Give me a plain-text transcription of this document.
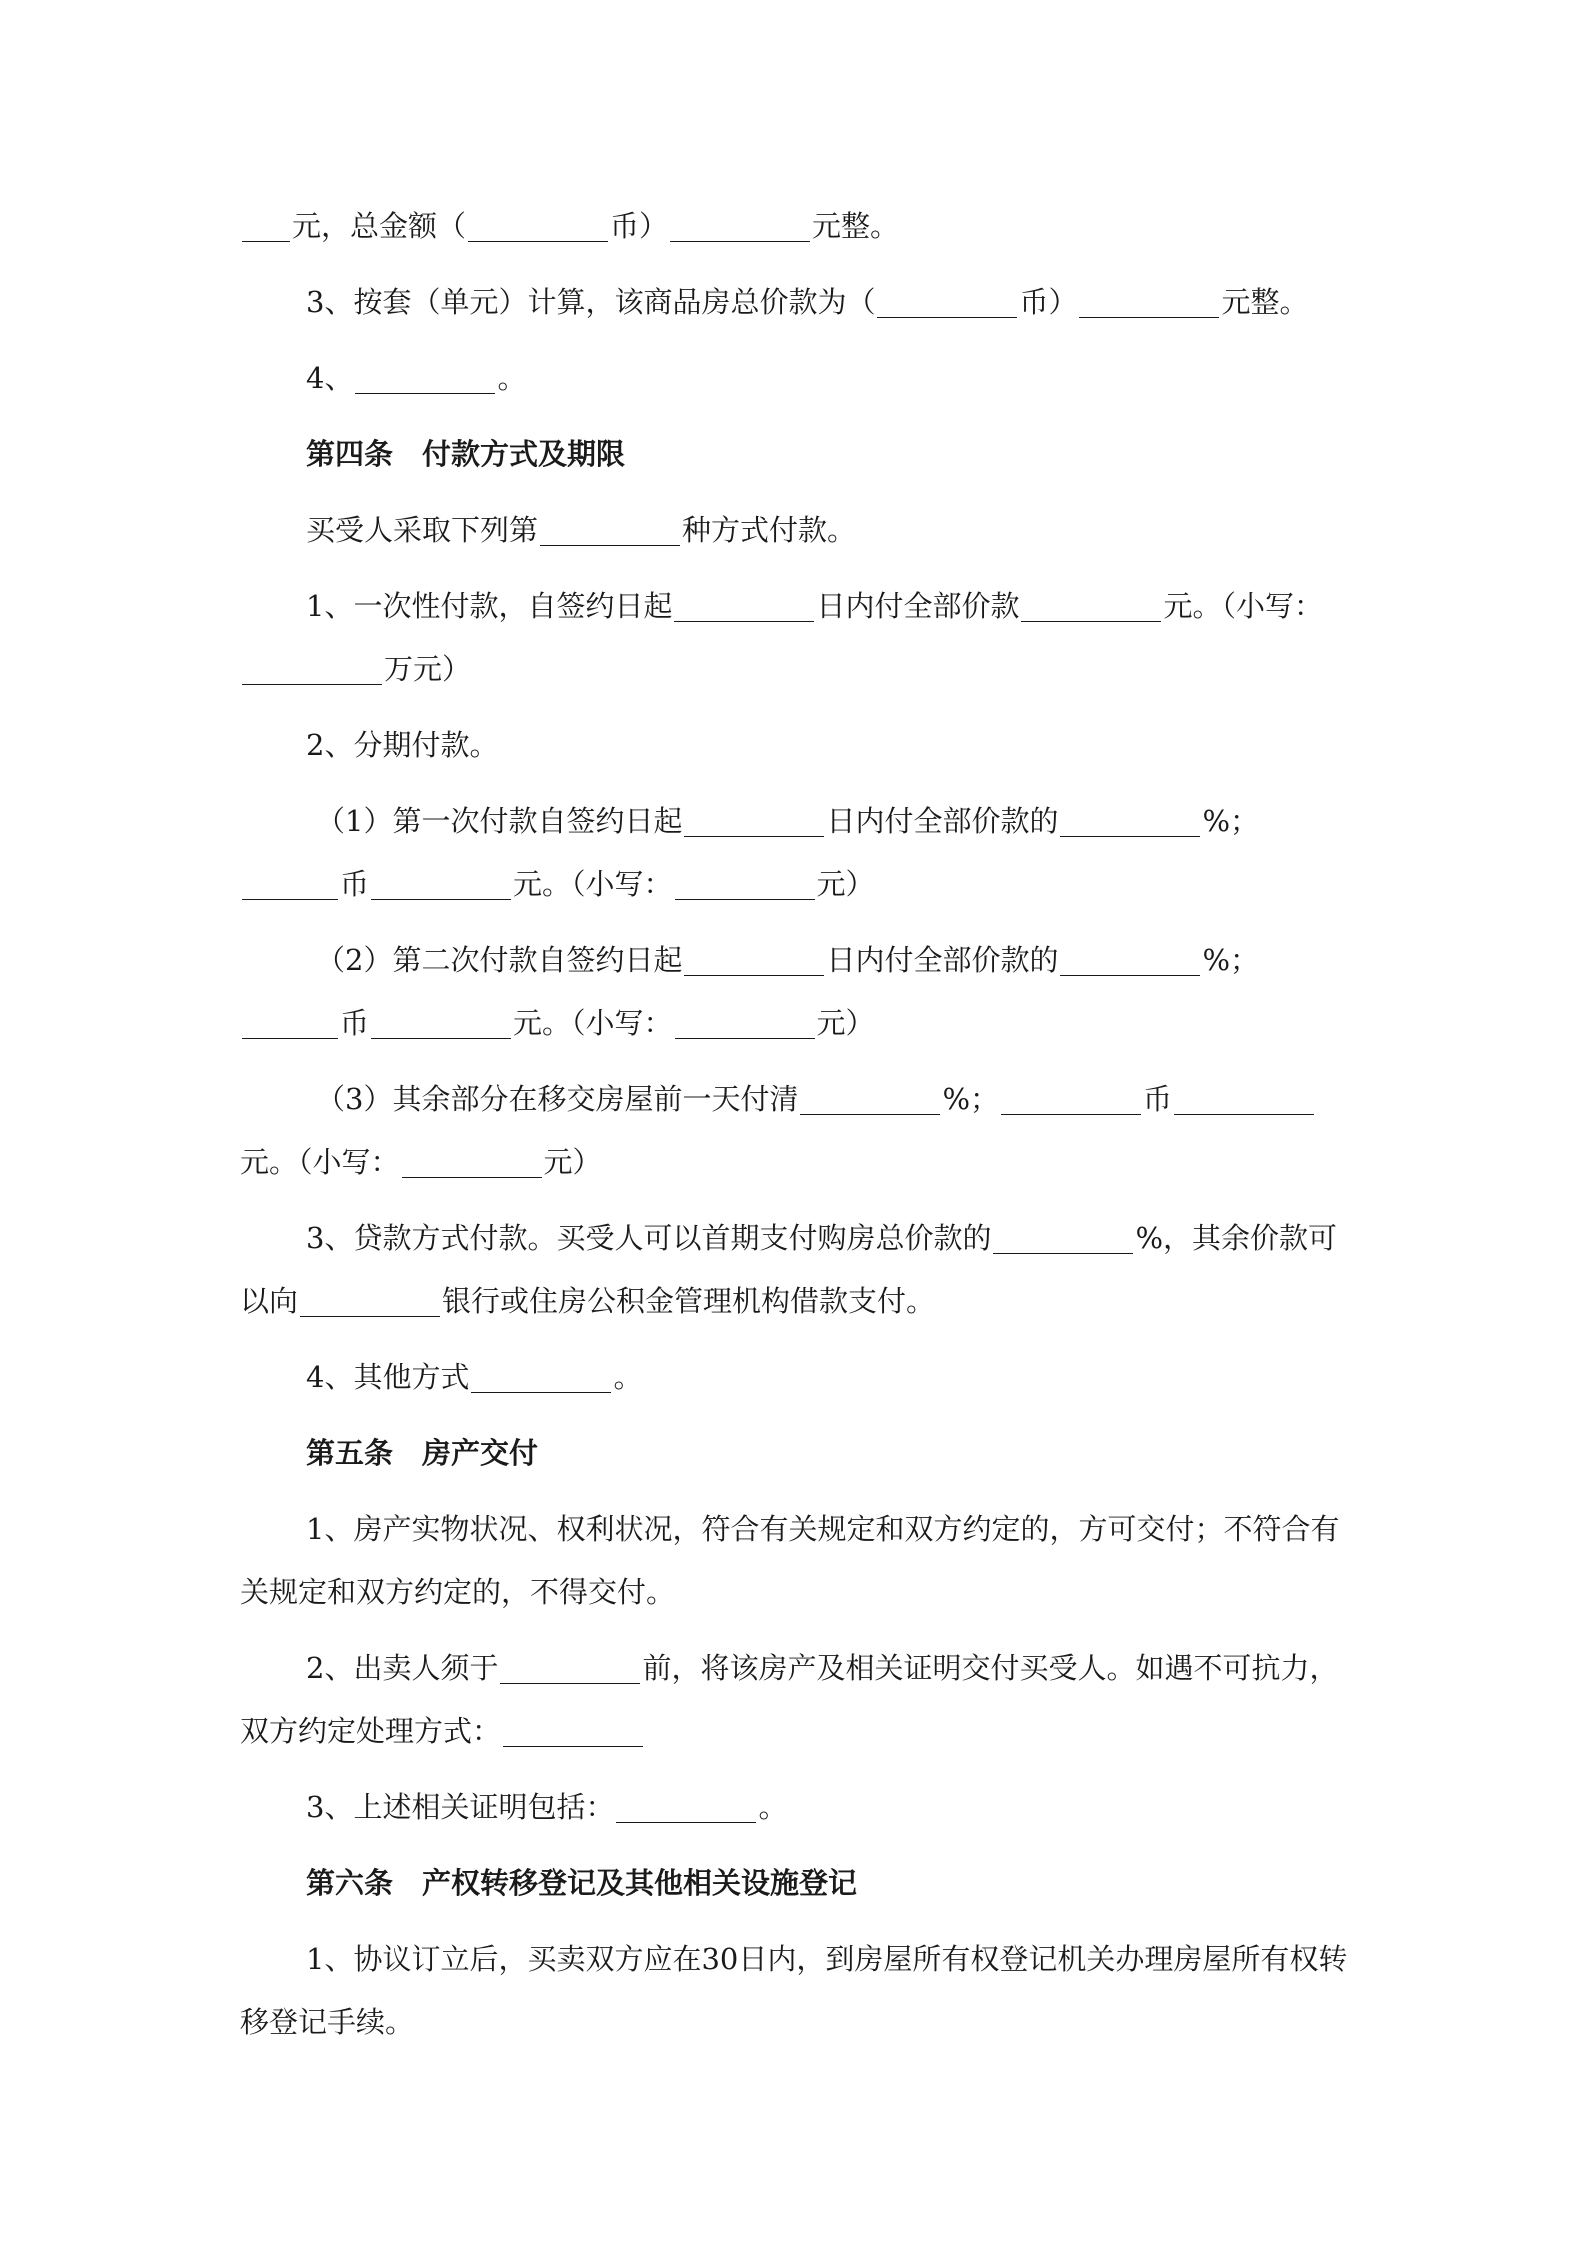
元，总金额（	币）	元整。

3、按套（单元）计算，该商品房总价款为（	币）	元整。

4、	。

第四条　付款方式及期限

买受人采取下列第	种方式付款。

1、一次性付款，自签约日起	日内付全部价款	元。（小写：万元）

2、分期付款。

（1）第一次付款自签约日起	日内付全部价款的	%；币	元。（小写：	元）

（2）第二次付款自签约日起	日内付全部价款的	%；币	元。（小写：	元）

（3）其余部分在移交房屋前一天付清	%；	币元。（小写：	元）

3、贷款方式付款。买受人可以首期支付购房总价款的	%，其余价款可以向	银行或住房公积金管理机构借款支付。

4、其他方式	。

第五条　房产交付

1、房产实物状况、权利状况，符合有关规定和双方约定的，方可交付；不符合有关规定和双方约定的，不得交付。

2、出卖人须于	前，将该房产及相关证明交付买受人。如遇不可抗力，双方约定处理方式：

3、上述相关证明包括：	。

第六条　产权转移登记及其他相关设施登记

1、协议订立后，买卖双方应在30日内，到房屋所有权登记机关办理房屋所有权转移登记手续。
